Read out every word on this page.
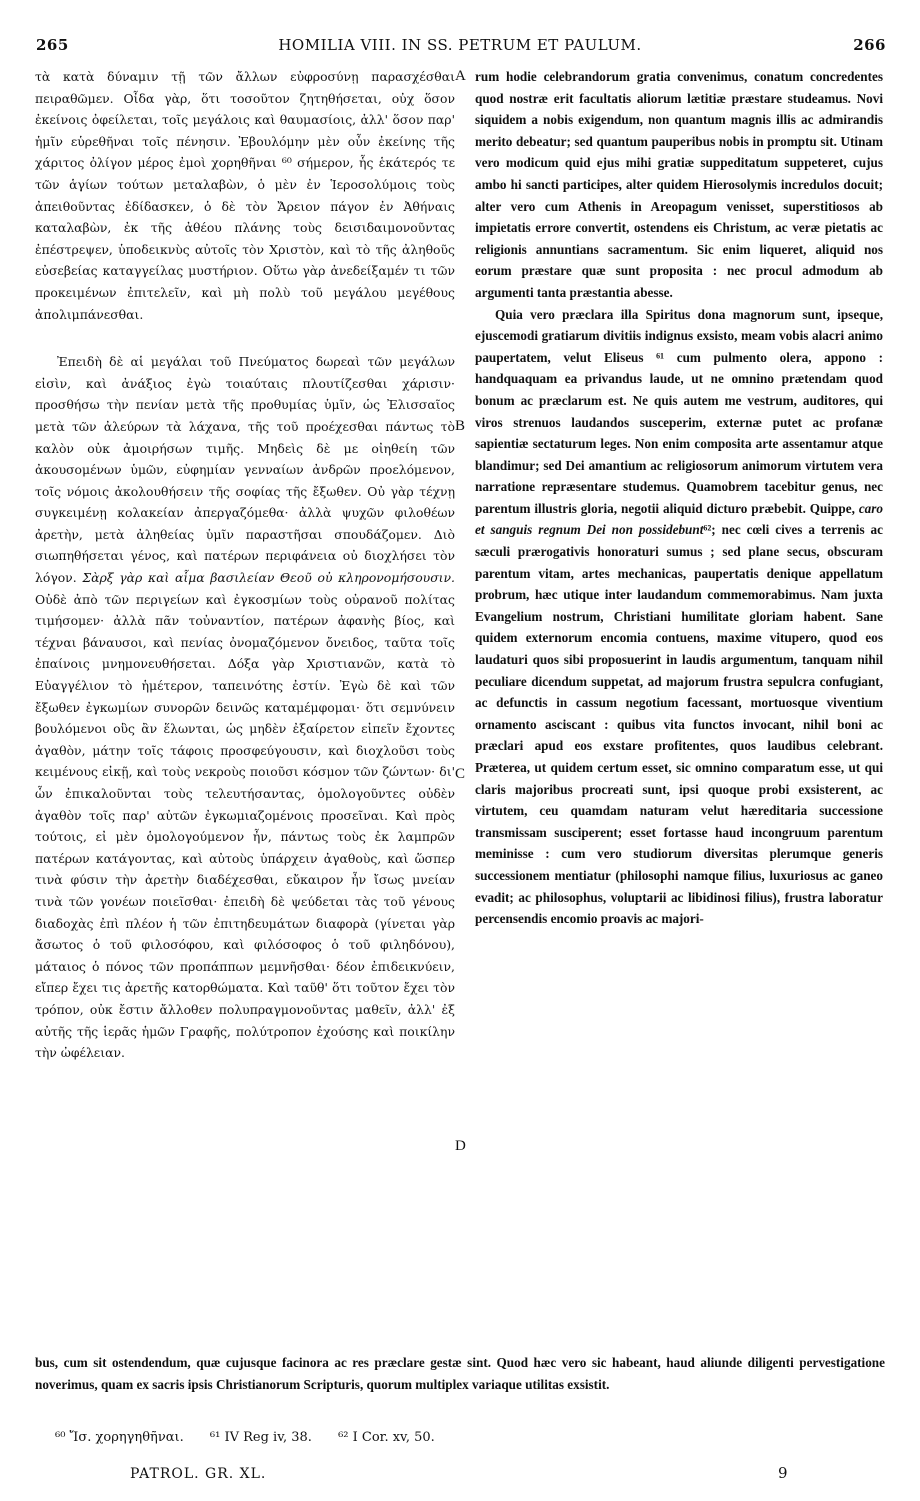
265	HOMILIA VIII. IN SS. PETRUM ET PAULUM.	266

τὰ κατὰ δύναμιν τῇ τῶν ἄλλων εὐφροσύνῃ παρασχέσθαι πειραθῶμεν. Οἶδα γὰρ, ὅτι τοσοῦτον ζητηθήσεται, οὐχ ὅσον ἐκείνοις ὀφείλεται, τοῖς μεγάλοις καὶ θαυμασίοις, ἀλλ' ὅσον παρ' ἡμῖν εὑρεθῆναι τοῖς πένησιν. Ἐβουλόμην μὲν οὖν ἐκείνης τῆς χάριτος ὀλίγον μέρος ἐμοὶ χορηθῆναι ⁶⁰ σήμερον, ἧς ἑκάτερός τε τῶν ἁγίων τούτων μεταλαβὼν, ὁ μὲν ἐν Ἱεροσολύμοις τοὺς ἀπειθοῦντας ἐδίδασκεν, ὁ δὲ τὸν Ἄρειον πάγον ἐν Ἀθήναις καταλαβὼν, ἐκ τῆς ἀθέου πλάνης τοὺς δεισιδαιμονοῦντας ἐπέστρεψεν, ὑποδεικνὺς αὐτοῖς τὸν Χριστὸν, καὶ τὸ τῆς ἀληθοῦς εὐσεβείας καταγγείλας μυστήριον. Οὕτω γὰρ ἀνεδείξαμέν τι τῶν προκειμένων ἐπιτελεῖν, καὶ μὴ πολὺ τοῦ μεγάλου μεγέθους ἀπολιμπάνεσθαι.

Ἐπειδὴ δὲ αἱ μεγάλαι τοῦ Πνεύματος δωρεαὶ τῶν μεγάλων εἰσὶν, καὶ ἀνάξιος ἐγὼ τοιαύταις πλουτίζεσθαι χάρισιν· προσθήσω τὴν πενίαν μετὰ τῆς προθυμίας ὑμῖν, ὡς Ἐλισσαῖος μετὰ τῶν ἀλεύρων τὰ λάχανα, τῆς τοῦ προέχεσθαι πάντως τὸ καλὸν οὐκ ἀμοιρήσων τιμῆς. Μηδεὶς δὲ με οἰηθείη τῶν ἀκουσομένων ὑμῶν, εὐφημίαν γενναίων ἀνδρῶν προελόμενον, τοῖς νόμοις ἀκολουθήσειν τῆς σοφίας τῆς ἔξωθεν. Οὐ γὰρ τέχνῃ συγκειμένῃ κολακείαν ἀπεργαζόμεθα· ἀλλὰ ψυχῶν φιλοθέων ἀρετὴν, μετὰ ἀληθείας ὑμῖν παραστῆσαι σπουδάζομεν. Διὸ σιωπηθήσεται γένος, καὶ πατέρων περιφάνεια οὐ διοχλήσει τὸν λόγον. Σὰρξ γὰρ καὶ αἷμα βασιλείαν Θεοῦ οὐ κληρονομήσουσιν. Οὐδὲ ἀπὸ τῶν περιγείων καὶ ἐγκοσμίων τοὺς οὐρανοῦ πολίτας τιμήσομεν· ἀλλὰ πᾶν τοὐναντίον, πατέρων ἀφανὴς βίος, καὶ τέχναι βάναυσοι, καὶ πενίας ὀνομαζόμενον ὄνειδος, ταῦτα τοῖς ἐπαίνοις μνημονευθήσεται. Δόξα γὰρ Χριστιανῶν, κατὰ τὸ Εὐαγγέλιον τὸ ἡμέτερον, ταπεινότης ἐστίν. Ἐγὼ δὲ καὶ τῶν ἔξωθεν ἐγκωμίων συνορῶν δεινῶς καταμέμφομαι· ὅτι σεμνύνειν βουλόμενοι οὓς ἂν ἕλωνται, ὡς μηδὲν ἐξαίρετον εἰπεῖν ἔχοντες ἀγαθὸν, μάτην τοῖς τάφοις προσφεύγουσιν, καὶ διοχλοῦσι τοὺς κειμένους εἰκῇ, καὶ τοὺς νεκροὺς ποιοῦσι κόσμον τῶν ζώντων· δι' ὧν ἐπικαλοῦνται τοὺς τελευτήσαντας, ὁμολογοῦντες οὐδὲν ἀγαθὸν τοῖς παρ' αὐτῶν ἐγκωμιαζομένοις προσεῖναι. Καὶ πρὸς τούτοις, εἰ μὲν ὁμολογούμενον ἦν, πάντως τοὺς ἐκ λαμπρῶν πατέρων κατάγοντας, καὶ αὐτοὺς ὑπάρχειν ἀγαθοὺς, καὶ ὥσπερ τινὰ φύσιν τὴν ἀρετὴν διαδέχεσθαι, εὔκαιρον ἦν ἴσως μνείαν τινὰ τῶν γονέων ποιεῖσθαι· ἐπειδὴ δὲ ψεύδεται τὰς τοῦ γένους διαδοχὰς ἐπὶ πλέον ἡ τῶν ἐπιτηδευμάτων διαφορὰ (γίνεται γὰρ ἄσωτος ὁ τοῦ φιλοσόφου, καὶ φιλόσοφος ὁ τοῦ φιληδόνου), μάταιος ὁ πόνος τῶν προπάππων μεμνῆσθαι· δέον ἐπιδεικνύειν, εἴπερ ἔχει τις ἀρετῆς κατορθώματα. Καὶ ταῦθ' ὅτι τοῦτον ἔχει τὸν τρόπον, οὐκ ἔστιν ἄλλοθεν πολυπραγμονοῦντας μαθεῖν, ἀλλ' ἐξ αὐτῆς τῆς ἱερᾶς ἡμῶν Γραφῆς, πολύτροπον ἐχούσης καὶ ποικίλην τὴν ὠφέλειαν.

rum hodie celebrandorum gratia convenimus, conatum concredentes quod nostræ erit facultatis aliorum lætitiæ præstare studeamus. Novi siquidem a nobis exigendum, non quantum magnis illis ac admirandis merito debeatur; sed quantum pauperibus nobis in promptu sit. Utinam vero modicum quid ejus mihi gratiæ suppeditatum suppeteret, cujus ambo hi sancti participes, alter quidem Hierosolymis incredulos docuit; alter vero cum Athenis in Areopagum venisset, superstitiosos ab impietatis errore convertit, ostendens eis Christum, ac veræ pietatis ac religionis annuntians sacramentum. Sic enim liqueret, aliquid nos eorum præstare quæ sunt proposita : nec procul admodum ab argumenti tanta præstantia abesse.

Quia vero præclara illa Spiritus dona magnorum sunt, ipseque, ejuscemodi gratiarum divitiis indignus exsisto, meam vobis alacri animo paupertatem, velut Eliseus ⁶¹ cum pulmento olera, appono : handquaquam ea privandus laude, ut ne omnino prætendam quod bonum ac præclarum est. Ne quis autem me vestrum, auditores, qui viros strenuos laudandos susceperim, externæ putet ac profanæ sapientiæ sectaturum leges. Non enim composita arte assentamur atque blandimur; sed Dei amantium ac religiosorum animorum virtutem vera narratione repræsentare studemus. Quamobrem tacebitur genus, nec parentum illustris gloria, negotii aliquid dicturo præbebit. Quippe, caro et sanguis regnum Dei non possidebunt⁶²; nec cœli cives a terrenis ac sæculi prærogativis honoraturi sumus ; sed plane secus, obscuram parentum vitam, artes mechanicas, paupertatis denique appellatum probrum, hæc utique inter laudandum commemorabimus. Nam juxta Evangelium nostrum, Christiani humilitate gloriam habent. Sane quidem externorum encomia contuens, maxime vitupero, quod eos laudaturi quos sibi proposuerint in laudis argumentum, tanquam nihil peculiare dicendum suppetat, ad majorum frustra sepulcra confugiant, ac defunctis in cassum negotium facessant, mortuosque viventium ornamento asciscant : quibus vita functos invocant, nihil boni ac præclari apud eos exstare profitentes, quos laudibus celebrant. Præterea, ut quidem certum esset, sic omnino comparatum esse, ut qui claris majoribus procreati sunt, ipsi quoque probi exsisterent, ac virtutem, ceu quamdam naturam velut hæreditaria successione transmissam susciperent; esset fortasse haud incongruum parentum meminisse : cum vero studiorum diversitas plerumque generis successionem mentiatur (philosophi namque filius, luxuriosus ac ganeo evadit; ac philosophus, voluptarii ac libidinosi filius), frustra laboratur percensendis encomio proavis ac majori-

A
B
C
D
bus, cum sit ostendendum, quæ cujusque facinora ac res præclare gestæ sint. Quod hæc vero sic habeant, haud aliunde diligenti pervestigatione noverimus, quam ex sacris ipsis Christianorum Scripturis, quorum multiplex variaque utilitas exsistit.
⁶⁰ Ἴσ. χορηγηθῆναι. ⁶¹ IV Reg iv, 38. ⁶² I Cor. xv, 50.
PATROL. GR. XL.	9
